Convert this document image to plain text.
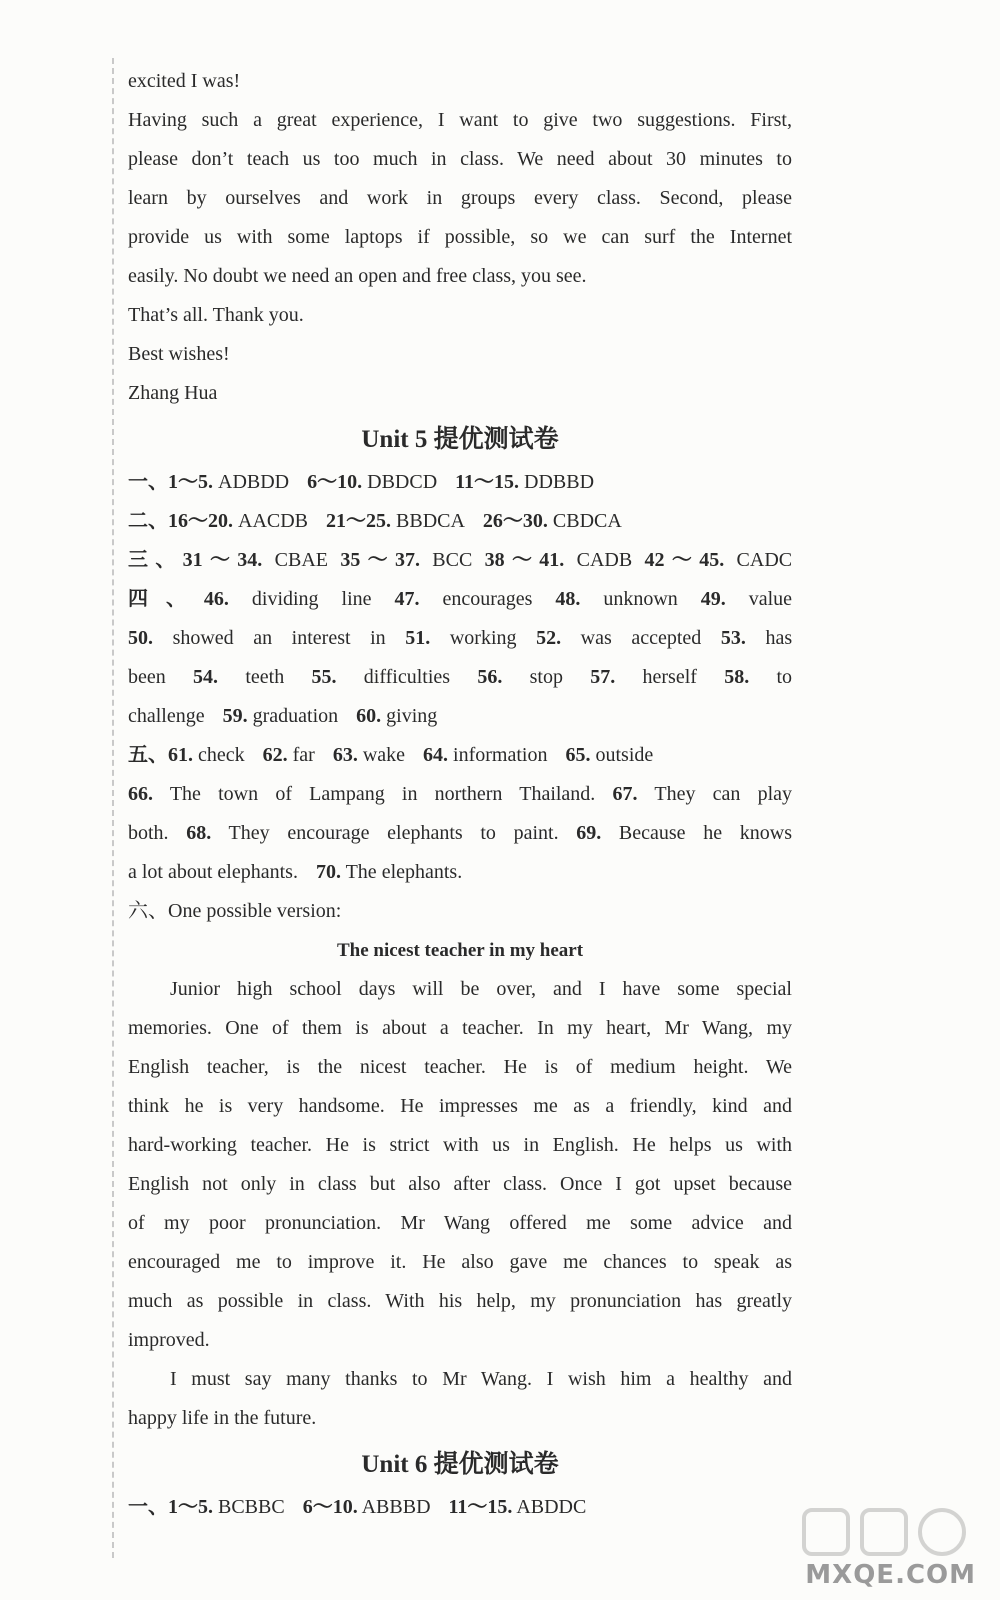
excited I was!
Having such a great experience, I want to give two suggestions. First,
please don’t teach us too much in class. We need about 30 minutes to
learn by ourselves and work in groups every class. Second, please
provide us with some laptops if possible, so we can surf the Internet
easily. No doubt we need an open and free class, you see.
That’s all. Thank you.
Best wishes!
Zhang Hua
Unit 5 提优测试卷
一、1～5. ADBDD 6～10. DBDCD 11～15. DDBBD
二、16～20. AACDB 21～25. BBDCA 26～30. CBDCA
三、31～34. CBAE 35～37. BCC 38～41. CADB 42～45. CADC
四、46. dividing line 47. encourages 48. unknown 49. value
50. showed an interest in 51. working 52. was accepted 53. has
been 54. teeth 55. difficulties 56. stop 57. herself 58. to
challenge 59. graduation 60. giving
五、61. check 62. far 63. wake 64. information 65. outside
66. The town of Lampang in northern Thailand. 67. They can play
both. 68. They encourage elephants to paint. 69. Because he knows
a lot about elephants. 70. The elephants.
六、One possible version:
The nicest teacher in my heart
Junior high school days will be over, and I have some special
memories. One of them is about a teacher. In my heart, Mr Wang, my
English teacher, is the nicest teacher. He is of medium height. We
think he is very handsome. He impresses me as a friendly, kind and
hard-working teacher. He is strict with us in English. He helps us with
English not only in class but also after class. Once I got upset because
of my poor pronunciation. Mr Wang offered me some advice and
encouraged me to improve it. He also gave me chances to speak as
much as possible in class. With his help, my pronunciation has greatly
improved.
I must say many thanks to Mr Wang. I wish him a healthy and
happy life in the future.
Unit 6 提优测试卷
一、1～5. BCBBC 6～10. ABBBD 11～15. ABDDC
MXQE.COM
